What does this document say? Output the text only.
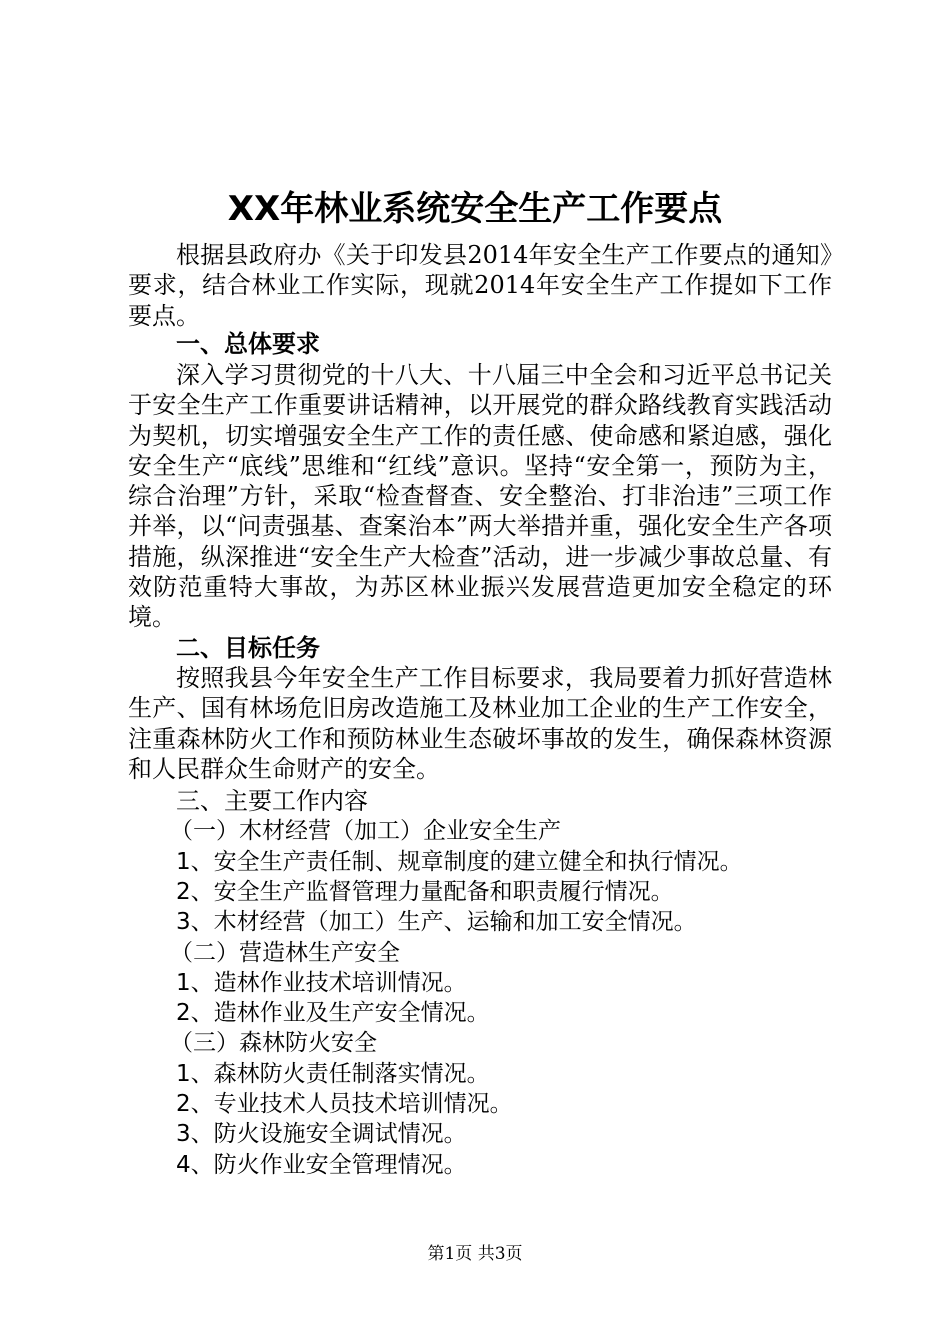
XX年林业系统安全生产工作要点

根据县政府办《关于印发县2014年安全生产工作要点的通知》要求，结合林业工作实际，现就2014年安全生产工作提如下工作要点。

一、总体要求

深入学习贯彻党的十八大、十八届三中全会和习近平总书记关于安全生产工作重要讲话精神，以开展党的群众路线教育实践活动为契机，切实增强安全生产工作的责任感、使命感和紧迫感，强化安全生产“底线”思维和“红线”意识。坚持“安全第一，预防为主，综合治理”方针，采取“检查督查、安全整治、打非治违”三项工作并举，以“问责强基、查案治本”两大举措并重，强化安全生产各项措施，纵深推进“安全生产大检查”活动，进一步减少事故总量、有效防范重特大事故，为苏区林业振兴发展营造更加安全稳定的环境。

二、目标任务

按照我县今年安全生产工作目标要求，我局要着力抓好营造林生产、国有林场危旧房改造施工及林业加工企业的生产工作安全，注重森林防火工作和预防林业生态破坏事故的发生，确保森林资源和人民群众生命财产的安全。

三、主要工作内容

（一）木材经营（加工）企业安全生产

1、安全生产责任制、规章制度的建立健全和执行情况。

2、安全生产监督管理力量配备和职责履行情况。

3、木材经营（加工）生产、运输和加工安全情况。

（二）营造林生产安全

1、造林作业技术培训情况。

2、造林作业及生产安全情况。

（三）森林防火安全

1、森林防火责任制落实情况。

2、专业技术人员技术培训情况。

3、防火设施安全调试情况。

4、防火作业安全管理情况。

第1页 共3页
